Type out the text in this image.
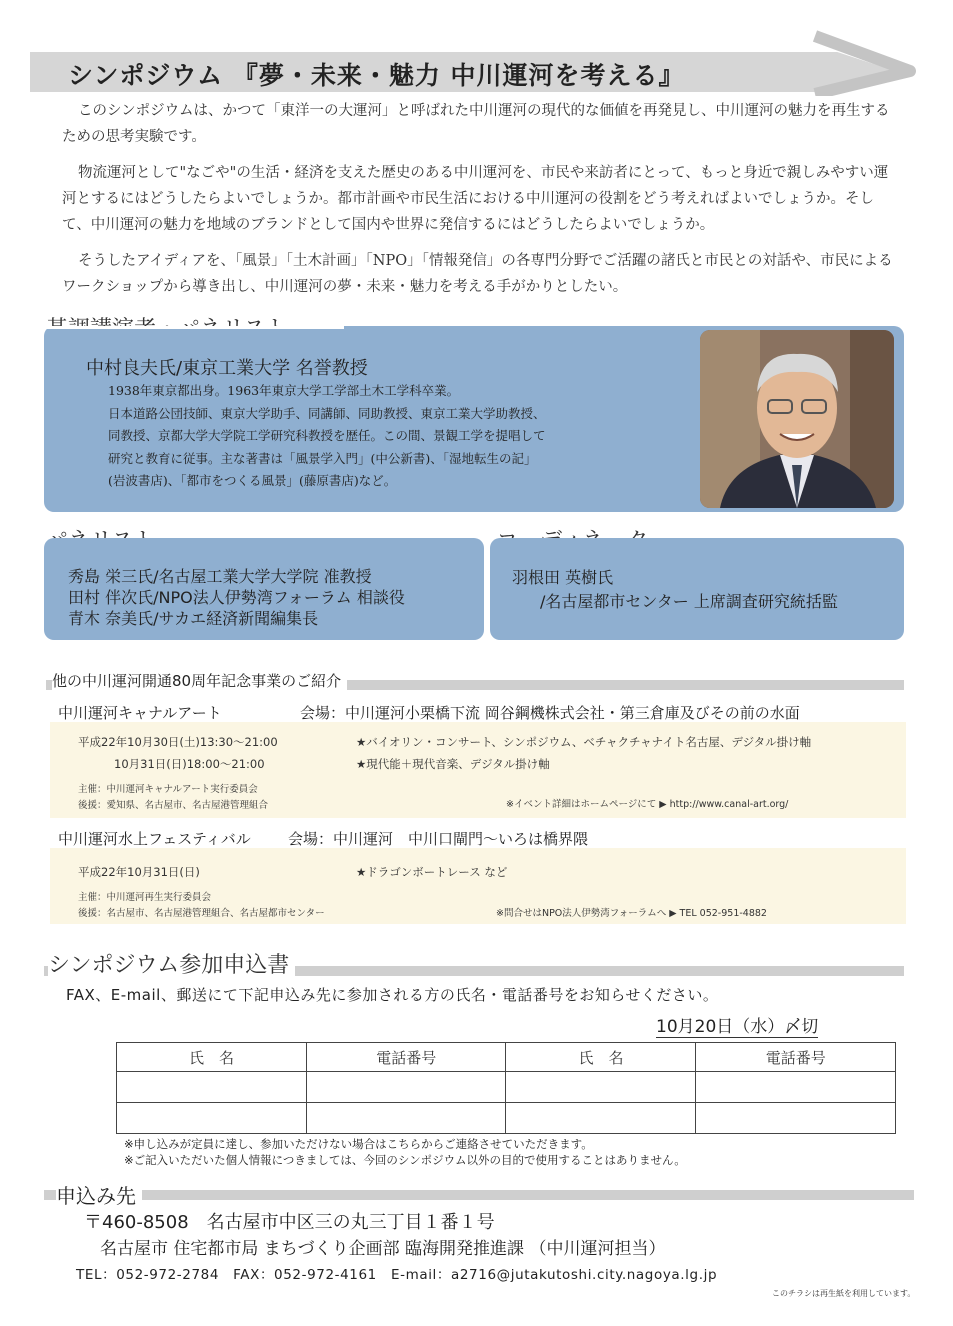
シンポジウム 『夢・未来・魅力 中川運河を考える』

このシンポジウムは、かつて「東洋一の大運河」と呼ばれた中川運河の現代的な価値を再発見し、中川運河の魅力を再生するための思考実験です。

物流運河として"なごや"の生活・経済を支えた歴史のある中川運河を、市民や来訪者にとって、もっと身近で親しみやすい運河とするにはどうしたらよいでしょうか。都市計画や市民生活における中川運河の役割をどう考えればよいでしょうか。そして、中川運河の魅力を地域のブランドとして国内や世界に発信するにはどうしたらよいでしょうか。

そうしたアイディアを、「風景」「土木計画」「NPO」「情報発信」の各専門分野でご活躍の諸氏と市民との対話や、市民によるワークショップから導き出し、中川運河の夢・未来・魅力を考える手がかりとしたい。

中村良夫氏/東京工業大学 名誉教授
1938年東京都出身。1963年東京大学工学部土木工学科卒業。
日本道路公団技師、東京大学助手、同講師、同助教授、東京工業大学助教授、
同教授、京都大学大学院工学研究科教授を歴任。この間、景観工学を提唱して
研究と教育に従事。主な著書は「風景学入門」(中公新書)、「湿地転生の記」
(岩波書店)、「都市をつくる風景」(藤原書店)など。
秀島 栄三氏/名古屋工業大学大学院 准教授
田村 伴次氏/NPO法人伊勢湾フォーラム 相談役
青木 奈美氏/サカエ経済新聞編集長
羽根田 英樹氏
/名古屋都市センター 上席調査研究統括監
他の中川運河開通80周年記念事業のご紹介
中川運河キャナルアート	会場：中川運河小栗橋下流 岡谷鋼機株式会社・第三倉庫及びその前の水面
平成22年10月30日(土)13:30〜21:00	★バイオリン・コンサート、シンポジウム、ベチャクチャナイト名古屋、デジタル掛け軸
10月31日(日)18:00〜21:00	★現代能＋現代音楽、デジタル掛け軸
主催：中川運河キャナルアート実行委員会
後援：愛知県、名古屋市、名古屋港管理組合	※イベント詳細はホームページにて ▶ http://www.canal-art.org/
中川運河水上フェスティバル 会場：中川運河　中川口閘門〜いろは橋界隈
平成22年10月31日(日)	★ドラゴンボートレース など
主催：中川運河再生実行委員会
後援：名古屋市、名古屋港管理組合、名古屋都市センター	※問合せはNPO法人伊勢湾フォーラムへ ▶ TEL 052-951-4882
シンポジウム参加申込書
FAX、E-mail、郵送にて下記申込み先に参加される方の氏名・電話番号をお知らせください。
10月20日（水）〆切
氏　名	電話番号	氏　名	電話番号

※申し込みが定員に達し、参加いただけない場合はこちらからご連絡させていただきます。
※ご記入いただいた個人情報につきましては、今回のシンポジウム以外の目的で使用することはありません。
申込み先
〒460-8508　名古屋市中区三の丸三丁目１番１号
名古屋市 住宅都市局 まちづくり企画部 臨海開発推進課 （中川運河担当）
TEL：052-972-2784　FAX：052-972-4161　E-mail：a2716@jutakutoshi.city.nagoya.lg.jp
このチラシは再生紙を利用しています。
